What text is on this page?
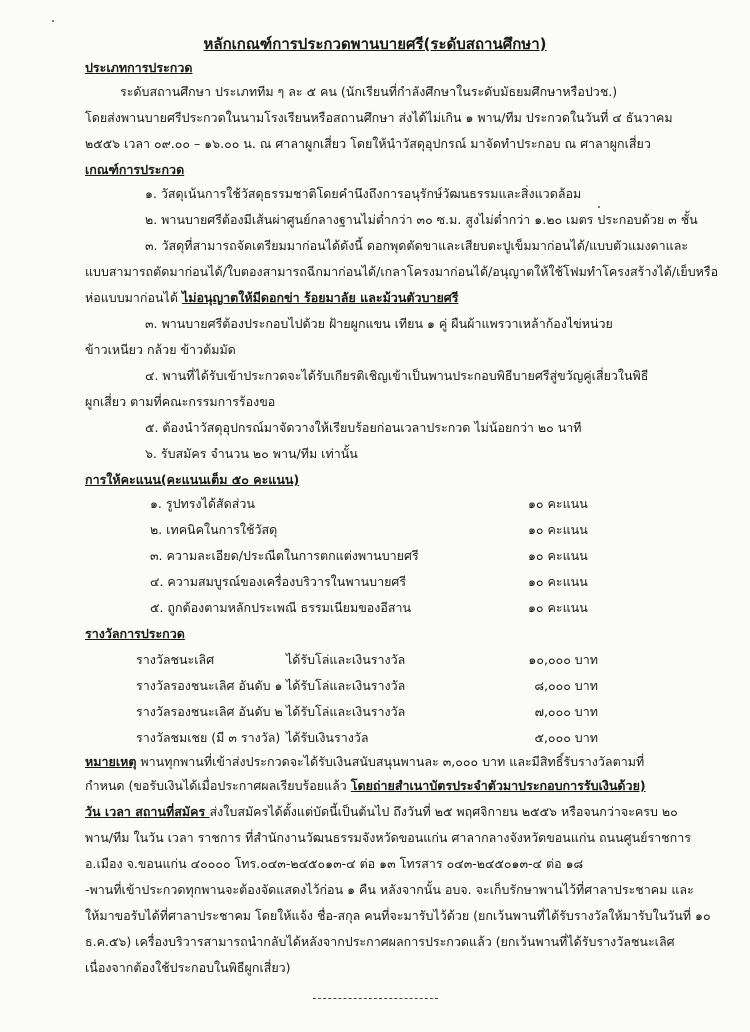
หลักเกณฑ์การประกวดพานบายศรี(ระดับสถานศึกษา)
ประเภทการประกวด
ระดับสถานศึกษา ประเภททีม ๆ ละ ๕ คน (นักเรียนที่กำลังศึกษาในระดับมัธยมศึกษาหรือปวช.)
โดยส่งพานบายศรีประกวดในนามโรงเรียนหรือสถานศึกษา ส่งได้ไม่เกิน ๑ พาน/ทีม ประกวดในวันที่ ๔ ธันวาคม
๒๕๕๖ เวลา ๐๙.๐๐ – ๑๖.๐๐ น. ณ ศาลาผูกเสี่ยว โดยให้นำวัสดุอุปกรณ์ มาจัดทำประกอบ ณ ศาลาผูกเสี่ยว
เกณฑ์การประกวด
๑. วัสดุเน้นการใช้วัสดุธรรมชาติโดยคำนึงถึงการอนุรักษ์วัฒนธรรมและสิ่งแวดล้อม
๒. พานบายศรีต้องมีเส้นผ่าศูนย์กลางฐานไม่ต่ำกว่า ๓๐ ซ.ม. สูงไม่ต่ำกว่า ๑.๒๐ เมตร ประกอบด้วย ๓ ชั้น
๓. วัสดุที่สามารถจัดเตรียมมาก่อนได้ดังนี้ ดอกพุดตัดขาและเสียบตะปูเข็มมาก่อนได้/แบบตัวแมงดาและ
แบบสามารถตัดมาก่อนได้/ใบตองสามารถฉีกมาก่อนได้/เกลาโครงมาก่อนได้/อนุญาตให้ใช้โฟมทำโครงสร้างได้/เย็บหรือ
ห่อแบบมาก่อนได้ ไม่อนุญาตให้มีดอกข่า ร้อยมาลัย และม้วนตัวบายศรี
๓. พานบายศรีต้องประกอบไปด้วย ฝ้ายผูกแขน เทียน ๑ คู่ ผืนผ้าแพรวาเหล้าก้องไข่หน่วย
ข้าวเหนียว กล้วย ข้าวต้มมัด
๔. พานที่ได้รับเข้าประกวดจะได้รับเกียรติเชิญเข้าเป็นพานประกอบพิธีบายศรีสู่ขวัญคู่เสี่ยวในพิธี
ผูกเสี่ยว ตามที่คณะกรรมการร้องขอ
๕. ต้องนำวัสดุอุปกรณ์มาจัดวางให้เรียบร้อยก่อนเวลาประกวด ไม่น้อยกว่า ๒๐ นาที
๖. รับสมัคร จำนวน ๒๐ พาน/ทีม เท่านั้น
การให้คะแนน(คะแนนเต็ม ๕๐ คะแนน)
๑. รูปทรงได้สัดส่วน	๑๐ คะแนน
๒. เทคนิคในการใช้วัสดุ	๑๐ คะแนน
๓. ความละเอียด/ประณีตในการตกแต่งพานบายศรี	๑๐ คะแนน
๔. ความสมบูรณ์ของเครื่องบริวารในพานบายศรี	๑๐ คะแนน
๕. ถูกต้องตามหลักประเพณี ธรรมเนียมของอีสาน	๑๐ คะแนน
รางวัลการประกวด
รางวัลชนะเลิศ	ได้รับโล่และเงินรางวัล	๑๐,๐๐๐ บาท
รางวัลรองชนะเลิศ อันดับ ๑ ได้รับโล่และเงินรางวัล	๘,๐๐๐ บาท
รางวัลรองชนะเลิศ อันดับ ๒ ได้รับโล่และเงินรางวัล	๗,๐๐๐ บาท
รางวัลชมเชย (มี ๓ รางวัล) ได้รับเงินรางวัล	๕,๐๐๐ บาท
หมายเหตุ พานทุกพานที่เข้าส่งประกวดจะได้รับเงินสนับสนุนพานละ ๓,๐๐๐ บาท และมีสิทธิ์รับรางวัลตามที่
กำหนด (ขอรับเงินได้เมื่อประกาศผลเรียบร้อยแล้ว โดยถ่ายสำเนาบัตรประจำตัวมาประกอบการรับเงินด้วย)
วัน เวลา สถานที่สมัคร ส่งใบสมัครได้ตั้งแต่บัดนี้เป็นต้นไป ถึงวันที่ ๒๕ พฤศจิกายน ๒๕๕๖ หรือจนกว่าจะครบ ๒๐
พาน/ทีม ในวัน เวลา ราชการ ที่สำนักงานวัฒนธรรมจังหวัดขอนแก่น ศาลากลางจังหวัดขอนแก่น ถนนศูนย์ราชการ
อ.เมือง จ.ขอนแก่น ๔๐๐๐๐ โทร.๐๔๓-๒๔๕๐๑๓-๔ ต่อ ๑๓ โทรสาร ๐๔๓-๒๔๕๐๑๓-๔ ต่อ ๑๘
-พานที่เข้าประกวดทุกพานจะต้องจัดแสดงไว้ก่อน ๑ คืน หลังจากนั้น อบจ. จะเก็บรักษาพานไว้ที่ศาลาประชาคม และ
ให้มาขอรับได้ที่ศาลาประชาคม โดยให้แจ้ง ชื่อ-สกุล คนที่จะมารับไว้ด้วย (ยกเว้นพานที่ได้รับรางวัลให้มารับในวันที่ ๑๐
ธ.ค.๕๖) เครื่องบริวารสามารถนำกลับได้หลังจากประกาศผลการประกวดแล้ว (ยกเว้นพานที่ได้รับรางวัลชนะเลิศ
เนื่องจากต้องใช้ประกอบในพิธีผูกเสี่ยว)
